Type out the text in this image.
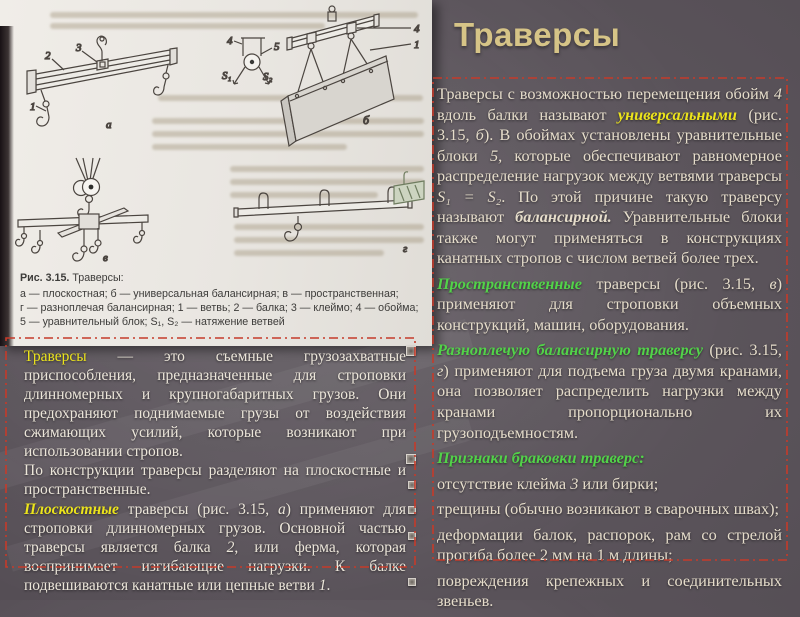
2
3
1
а
4	5
S₁	S₂
4
1
б
в
г
Рис. 3.15. Траверсы:
а — плоскостная; б — универсальная балансирная; в — пространственная;
г — разноплечая балансирная; 1 — ветвь; 2 — балка; 3 — клеймо; 4 — обойма;
5 — уравнительный блок; S₁, S₂ — натяжение ветвей
Траверсы
Траверсы — это съемные грузозахватные приспособления, предназначенные для строповки длинномерных и крупногабаритных грузов. Они предохраняют поднимаемые грузы от воздействия сжимающих усилий, которые возникают при использовании стропов.
По конструкции траверсы разделяют на плоскостные и пространственные.
Плоскостные траверсы (рис. 3.15, а) применяют для строповки длинномерных грузов. Основной частью траверсы является балка 2, или ферма, которая воспринимает изгибающие нагрузки. К балке подвешиваются канатные или цепные ветви 1.
Траверсы с возможностью перемещения обойм 4 вдоль балки называют универсальными (рис. 3.15, б). В обоймах установлены уравнительные блоки 5, которые обеспечивают равномерное распределение нагрузок между ветвями траверсы S₁ = S₂. По этой причине такую траверсу называют балансирной. Уравнительные блоки также могут применяться в конструкциях канатных стропов с числом ветвей более трех.
Пространственные траверсы (рис. 3.15, в) применяют для строповки объемных конструкций, машин, оборудования.
Разноплечую балансирную траверсу (рис. 3.15, г) применяют для подъема груза двумя кранами, она позволяет распределить нагрузки между кранами пропорционально их грузоподъемностям.
Признаки браковки траверс:
отсутствие клейма 3 или бирки;
трещины (обычно возникают в сварочных швах);
деформации балок, распорок, рам со стрелой прогиба более 2 мм на 1 м длины;
повреждения крепежных и соединительных звеньев.
